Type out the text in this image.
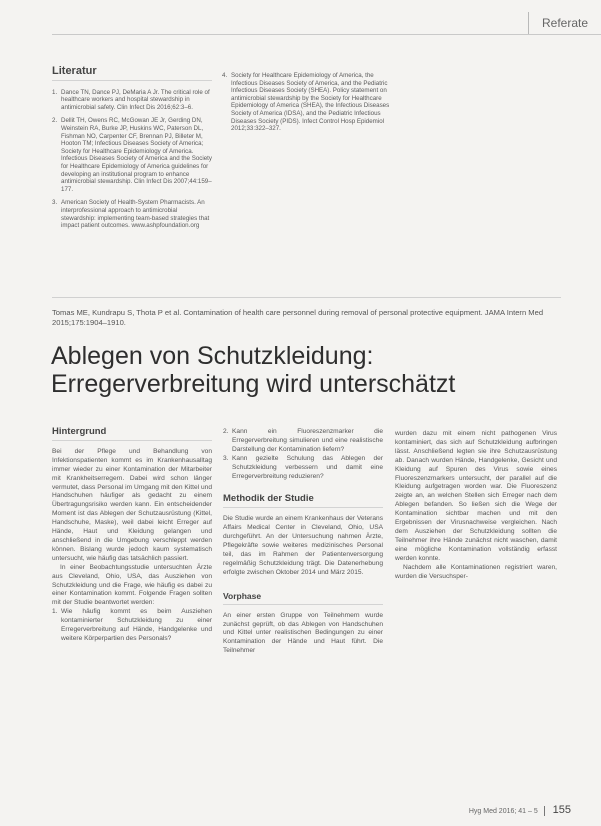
Referate
Literatur
1. Dance TN, Dance PJ, DeMaria A Jr. The critical role of healthcare workers and hospital stewardship in antimicrobial safety. Clin Infect Dis 2016;62:3–6.
2. Dellit TH, Owens RC, McGowan JE Jr, Gerding DN, Weinstein RA, Burke JP, Huskins WC, Paterson DL, Fishman NO, Carpenter CF, Brennan PJ, Billeter M, Hooton TM; Infectious Diseases Society of America; Society for Healthcare Epidemiology of America. Infectious Diseases Society of America and the Society for Healthcare Epidemiology of America guidelines for developing an institutional program to enhance antimicrobial stewardship. Clin Infect Dis 2007;44:159–177.
3. American Society of Health-System Pharmacists. An interprofessional approach to antimicrobial stewardship: implementing team-based strategies that impact patient outcomes. www.ashpfoundation.org
4. Society for Healthcare Epidemiology of America, the Infectious Diseases Society of America, and the Pediatric Infectious Diseases Society (SHEA). Policy statement on antimicrobial stewardship by the Society for Healthcare Epidemiology of America (SHEA), the Infectious Diseases Society of America (IDSA), and the Pediatric Infectious Diseases Society (PIDS). Infect Control Hosp Epidemiol 2012;33:322–327.
Tomas ME, Kundrapu S, Thota P et al. Contamination of health care personnel during removal of personal protective equipment. JAMA Intern Med 2015;175:1904–1910.
Ablegen von Schutzkleidung:
Erregerverbreitung wird unterschätzt
Hintergrund

Bei der Pflege und Behandlung von Infektionspatienten kommt es im Krankenhausalltag immer wieder zu einer Kontamination der Mitarbeiter mit Krankheitserregern. Dabei wird schon länger vermutet, dass Personal im Umgang mit den Kittel und Handschuhen häufiger als gedacht zu einem Übertragungsrisiko werden kann. Ein entscheidender Moment ist das Ablegen der Schutzausrüstung (Kittel, Handschuhe, Maske), weil dabei leicht Erreger auf Hände, Haut und Kleidung gelangen und anschließend in die Umgebung verschleppt werden können. Bislang wurde jedoch kaum systematisch untersucht, wie häufig das tatsächlich passiert.

In einer Beobachtungsstudie untersuchten Ärzte aus Cleveland, Ohio, USA, das Ausziehen von Schutzkleidung und die Frage, wie häufig es dabei zu einer Kontamination kommt. Folgende Fragen sollten mit der Studie beantwortet werden:

1. Wie häufig kommt es beim Ausziehen kontaminierter Schutzkleidung zu einer Erregerverbreitung auf Hände, Handgelenke und weitere Körperpartien des Personals?
2. Kann ein Fluoreszenzmarker die Erregerverbreitung simulieren und eine realistische Darstellung der Kontamination liefern?
3. Kann gezielte Schulung das Ablegen der Schutzkleidung verbessern und damit eine Erregerverbreitung reduzieren?
Methodik der Studie

Die Studie wurde an einem Krankenhaus der Veterans Affairs Medical Center in Cleveland, Ohio, USA durchgeführt. An der Untersuchung nahmen Ärzte, Pflegekräfte sowie weiteres medizinisches Personal teil, das im Rahmen der Patientenversorgung regelmäßig Schutzkleidung trägt. Die Datenerhebung erfolgte zwischen Oktober 2014 und März 2015.

Vorphase

An einer ersten Gruppe von Teilnehmern wurde zunächst geprüft, ob das Ablegen von Handschuhen und Kittel unter realistischen Bedingungen zu einer Kontamination der Hände und Haut führt. Die Teilnehmer

wurden dazu mit einem nicht pathogenen Virus kontaminiert, das sich auf Schutzkleidung aufbringen lässt. Anschließend legten sie ihre Schutzausrüstung ab. Danach wurden Hände, Handgelenke, Gesicht und Kleidung auf Spuren des Virus sowie eines Fluoreszenzmarkers untersucht, der parallel auf die Kleidung aufgetragen worden war. Die Fluoreszenz zeigte an, an welchen Stellen sich Erreger nach dem Ablegen befanden. So ließen sich die Wege der Kontamination sichtbar machen und mit den Ergebnissen der Virusnachweise vergleichen. Nach dem Ausziehen der Schutzkleidung sollten die Teilnehmer ihre Hände zunächst nicht waschen, damit eine mögliche Kontamination vollständig erfasst werden konnte.

Nachdem alle Kontaminationen registriert waren, wurden die Versuchsper-

Hyg Med 2016; 41 – 5 155
